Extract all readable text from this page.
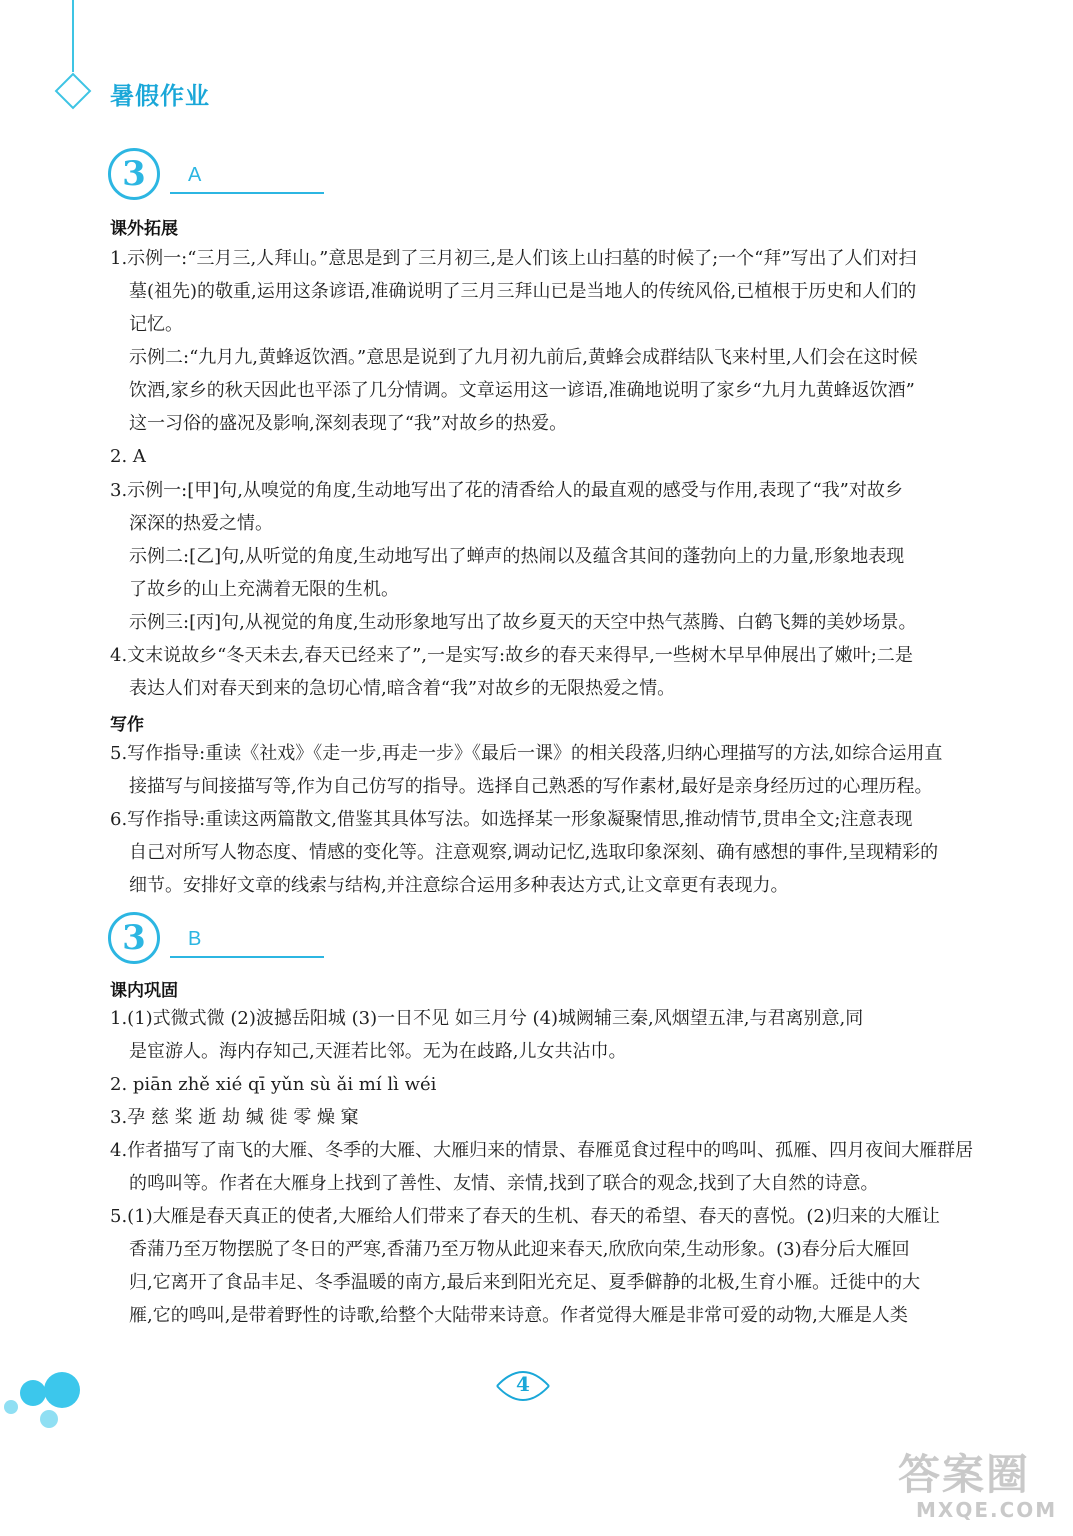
暑假作业
3 A
课外拓展
1.示例一:“三月三,人拜山。”意思是到了三月初三,是人们该上山扫墓的时候了;一个“拜”写出了人们对扫
墓(祖先)的敬重,运用这条谚语,准确说明了三月三拜山已是当地人的传统风俗,已植根于历史和人们的
记忆。
示例二:“九月九,黄蜂返饮酒。”意思是说到了九月初九前后,黄蜂会成群结队飞来村里,人们会在这时候
饮酒,家乡的秋天因此也平添了几分情调。文章运用这一谚语,准确地说明了家乡“九月九黄蜂返饮酒”
这一习俗的盛况及影响,深刻表现了“我”对故乡的热爱。
2. A
3.示例一:[甲]句,从嗅觉的角度,生动地写出了花的清香给人的最直观的感受与作用,表现了“我”对故乡
深深的热爱之情。
示例二:[乙]句,从听觉的角度,生动地写出了蝉声的热闹以及蕴含其间的蓬勃向上的力量,形象地表现
了故乡的山上充满着无限的生机。
示例三:[丙]句,从视觉的角度,生动形象地写出了故乡夏天的天空中热气蒸腾、白鹤飞舞的美妙场景。
4.文末说故乡“冬天未去,春天已经来了”,一是实写:故乡的春天来得早,一些树木早早伸展出了嫩叶;二是
表达人们对春天到来的急切心情,暗含着“我”对故乡的无限热爱之情。
写作
5.写作指导:重读《社戏》《走一步,再走一步》《最后一课》的相关段落,归纳心理描写的方法,如综合运用直
接描写与间接描写等,作为自己仿写的指导。选择自己熟悉的写作素材,最好是亲身经历过的心理历程。
6.写作指导:重读这两篇散文,借鉴其具体写法。如选择某一形象凝聚情思,推动情节,贯串全文;注意表现
自己对所写人物态度、情感的变化等。注意观察,调动记忆,选取印象深刻、确有感想的事件,呈现精彩的
细节。安排好文章的线索与结构,并注意综合运用多种表达方式,让文章更有表现力。
3 B
课内巩固
1.(1)式微式微 (2)波撼岳阳城 (3)一日不见 如三月兮 (4)城阙辅三秦,风烟望五津,与君离别意,同
是宦游人。海内存知己,天涯若比邻。无为在歧路,儿女共沾巾。
2. piān zhě xié qī yǔn sù ǎi mí lì wéi
3.孕 慈 桨 逝 劫 缄 徙 零 燥 窠
4.作者描写了南飞的大雁、冬季的大雁、大雁归来的情景、春雁觅食过程中的鸣叫、孤雁、四月夜间大雁群居
的鸣叫等。作者在大雁身上找到了善性、友情、亲情,找到了联合的观念,找到了大自然的诗意。
5.(1)大雁是春天真正的使者,大雁给人们带来了春天的生机、春天的希望、春天的喜悦。(2)归来的大雁让
香蒲乃至万物摆脱了冬日的严寒,香蒲乃至万物从此迎来春天,欣欣向荣,生动形象。(3)春分后大雁回
归,它离开了食品丰足、冬季温暖的南方,最后来到阳光充足、夏季僻静的北极,生育小雁。迁徙中的大
雁,它的鸣叫,是带着野性的诗歌,给整个大陆带来诗意。作者觉得大雁是非常可爱的动物,大雁是人类
4
答案圈
MXQE.COM
